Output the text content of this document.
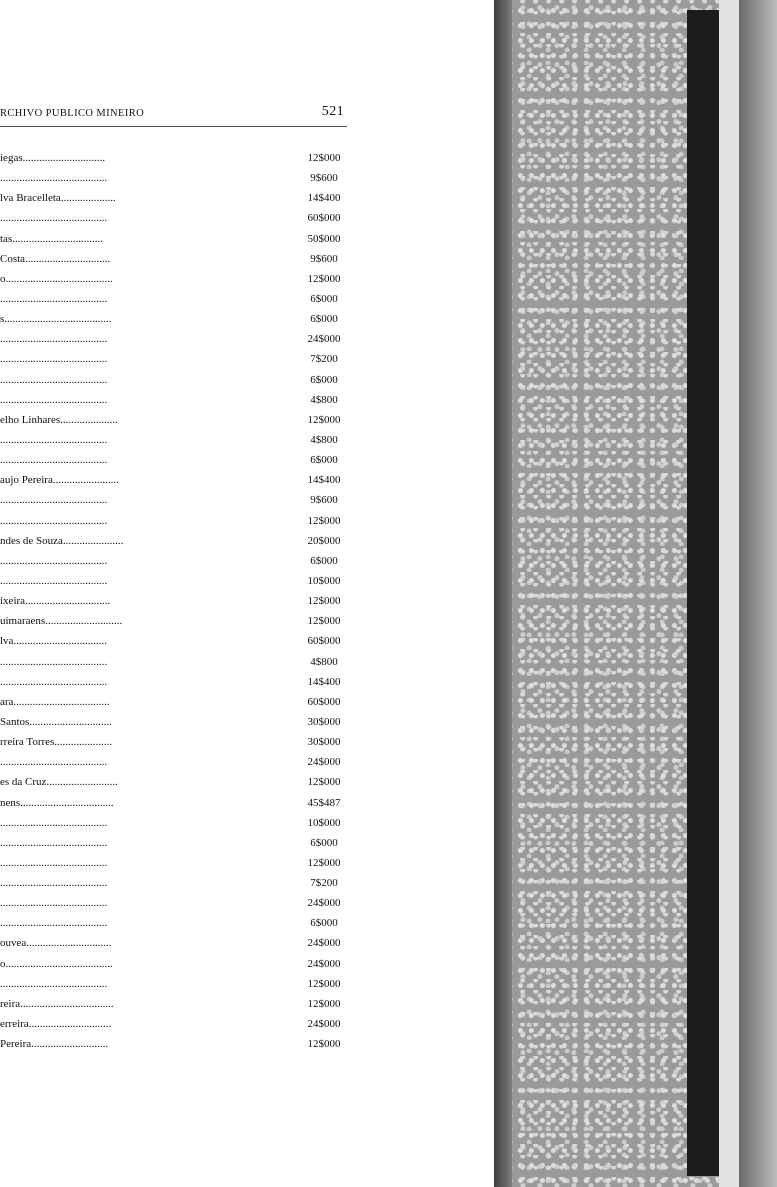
RCHIVO PUBLICO MINEIRO	521
iegas..............................	12$000
.......................................	9$600
lva Bracelleta....................	14$400
.......................................	60$000
tas.................................	50$000
Costa...............................	9$600
o.......................................	12$000
.......................................	6$000
s.......................................	6$000
.......................................	24$000
.......................................	7$200
.......................................	6$000
.......................................	4$800
elho Linhares.....................	12$000
.......................................	4$800
.......................................	6$000
aujo Pereira........................	14$400
.......................................	9$600
.......................................	12$000
ndes de Souza......................	20$000
.......................................	6$000
.......................................	10$000
ixeira...............................	12$000
uimaraens............................	12$000
lva..................................	60$000
.......................................	4$800
.......................................	14$400
ara...................................	60$000
Santos..............................	30$000
rreira Torres.....................	30$000
.......................................	24$000
es da Cruz..........................	12$000
nens..................................	45$487
.......................................	10$000
.......................................	6$000
.......................................	12$000
.......................................	7$200
.......................................	24$000
.......................................	6$000
ouvea...............................	24$000
o.......................................	24$000
.......................................	12$000
reira..................................	12$000
erreira..............................	24$000
Pereira............................	12$000
